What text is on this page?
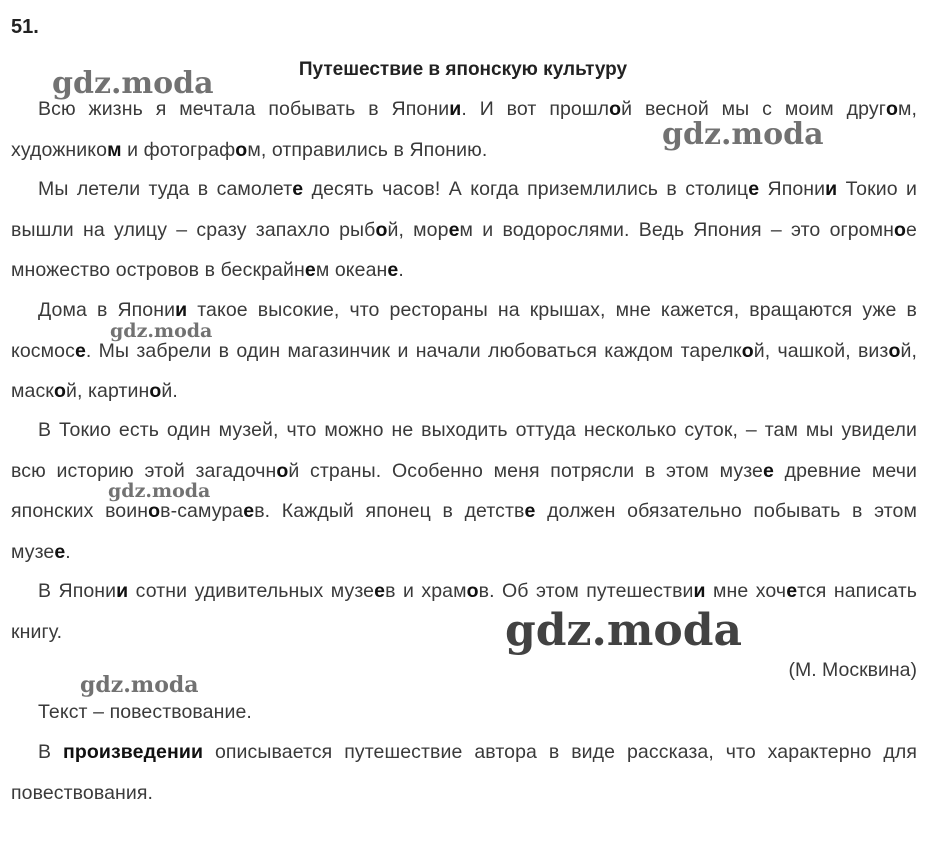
51.
Путешествие в японскую культуру

Всю жизнь я мечтала побывать в Японии. И вот прошлой весной мы с моим другом, художником и фотографом, отправились в Японию.

Мы летели туда в самолете десять часов! А когда приземлились в столице Японии Токио и вышли на улицу – сразу запахло рыбой, морем и водорослями. Ведь Япония – это огромное множество островов в бескрайнем океане.

Дома в Японии такое высокие, что рестораны на крышах, мне кажется, вращаются уже в космосе. Мы забрели в один магазинчик и начали любоваться каждом тарелкой, чашкой, визой, маской, картиной.

В Токио есть один музей, что можно не выходить оттуда несколько суток, – там мы увидели всю историю этой загадочной страны. Особенно меня потрясли в этом музее древние мечи японских воинов-самураев. Каждый японец в детстве должен обязательно побывать в этом музее.

В Японии сотни удивительных музеев и храмов. Об этом путешествии мне хочется написать книгу.

(М. Москвина)

Текст – повествование.

В произведении описывается путешествие автора в виде рассказа, что характерно для повествования.

gdz.moda
gdz.moda
gdz.moda
gdz.moda
gdz.moda
gdz.moda
